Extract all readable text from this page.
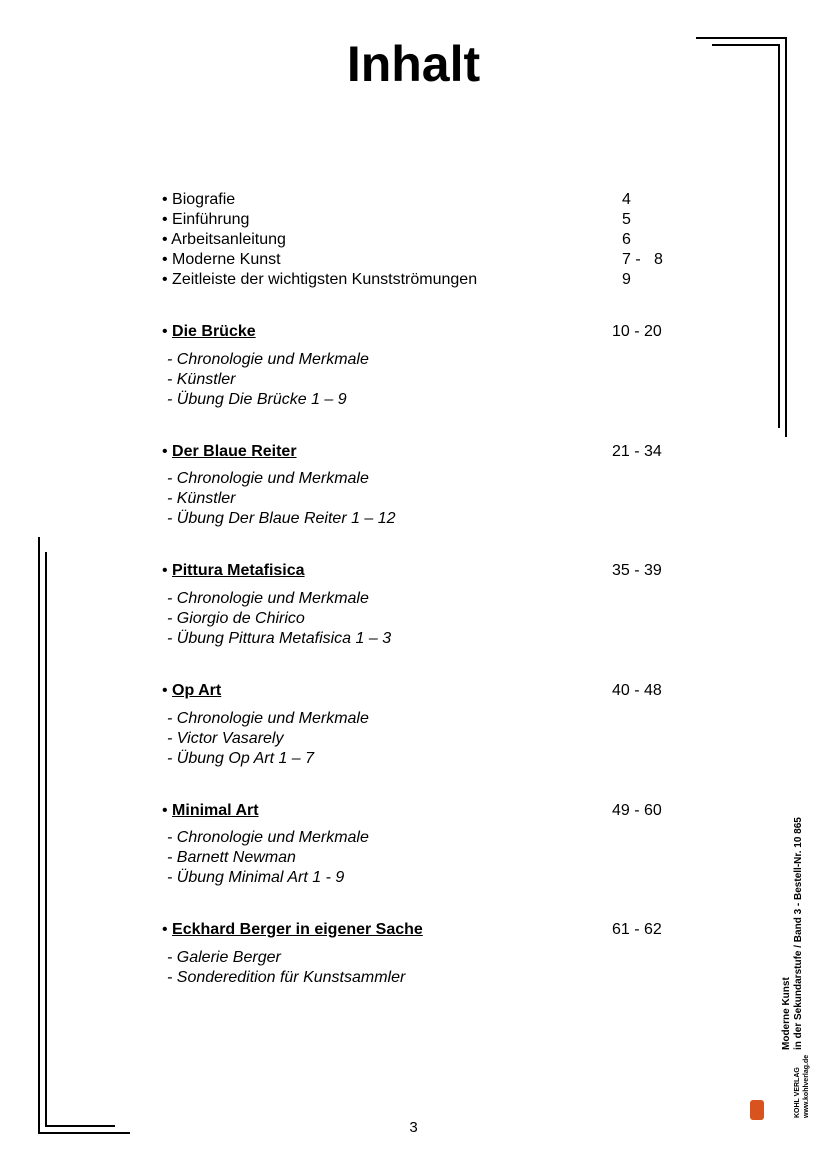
Inhalt
• Biografie	4
• Einführung	5
• Arbeitsanleitung	6
• Moderne Kunst	7 - 8
• Zeitleiste der wichtigsten Kunstströmungen	9
• Die Brücke	10 - 20
- Chronologie und Merkmale
- Künstler
- Übung Die Brücke 1 – 9
• Der Blaue Reiter	21 - 34
- Chronologie und Merkmale
- Künstler
- Übung Der Blaue Reiter 1 – 12
• Pittura Metafisica	35 - 39
- Chronologie und Merkmale
- Giorgio de Chirico
- Übung Pittura Metafisica 1 – 3
• Op Art	40 - 48
- Chronologie und Merkmale
- Victor Vasarely
- Übung Op Art 1 – 7
• Minimal Art	49 - 60
- Chronologie und Merkmale
- Barnett Newman
- Übung Minimal Art 1 - 9
• Eckhard Berger in eigener Sache	61 - 62
- Galerie Berger
- Sonderedition für Kunstsammler
3
KOHL VERLAG www.kohlverlag.de
Moderne Kunst in der Sekundarstufe / Band 3 - Bestell-Nr. 10 865
